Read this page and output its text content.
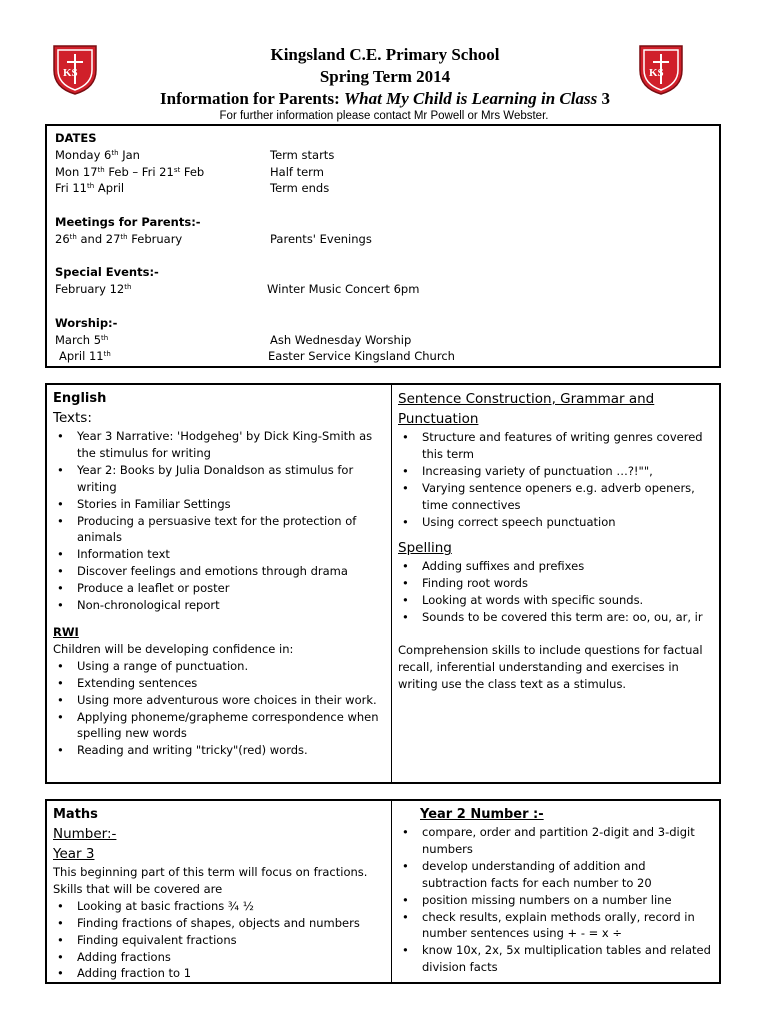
KS	KS
Kingsland C.E. Primary School
Spring Term 2014
Information for Parents: What My Child is Learning in Class 3
For further information please contact Mr Powell or Mrs Webster.
DATES
Monday 6th Jan	Term starts
Mon 17th Feb – Fri 21st Feb	Half term
Fri 11th April	Term ends
Meetings for Parents:-
26th and 27th February	Parents' Evenings
Special Events:-
February 12th	Winter Music Concert 6pm
Worship:-
March 5th	Ash Wednesday Worship
April 11th	Easter Service Kingsland Church
English
Texts:
• Year 3 Narrative: 'Hodgeheg' by Dick King-Smith as the stimulus for writing
• Year 2: Books by Julia Donaldson as stimulus for writing
• Stories in Familiar Settings
• Producing a persuasive text for the protection of animals
• Information text
• Discover feelings and emotions through drama
• Produce a leaflet or poster
• Non-chronological report
RWI
Children will be developing confidence in:
• Using a range of punctuation.
• Extending sentences
• Using more adventurous wore choices in their work.
• Applying phoneme/grapheme correspondence when spelling new words
• Reading and writing "tricky"(red) words.
Sentence Construction, Grammar and Punctuation
• Structure and features of writing genres covered this term
• Increasing variety of punctuation …?!"",
• Varying sentence openers e.g. adverb openers, time connectives
• Using correct speech punctuation
Spelling
• Adding suffixes and prefixes
• Finding root words
• Looking at words with specific sounds.
• Sounds to be covered this term are: oo, ou, ar, ir
Comprehension skills to include questions for factual recall, inferential understanding and exercises in writing use the class text as a stimulus.
Maths
Number:-
Year 3
This beginning part of this term will focus on fractions. Skills that will be covered are
• Looking at basic fractions ¾ ½
• Finding fractions of shapes, objects and numbers
• Finding equivalent fractions
• Adding fractions
• Adding fraction to 1
Year 2 Number :-
• compare, order and partition 2-digit and 3-digit numbers
• develop understanding of addition and subtraction facts for each number to 20
• position missing numbers on a number line
• check results, explain methods orally, record in number sentences using + - = x ÷
• know 10x, 2x, 5x multiplication tables and related division facts
